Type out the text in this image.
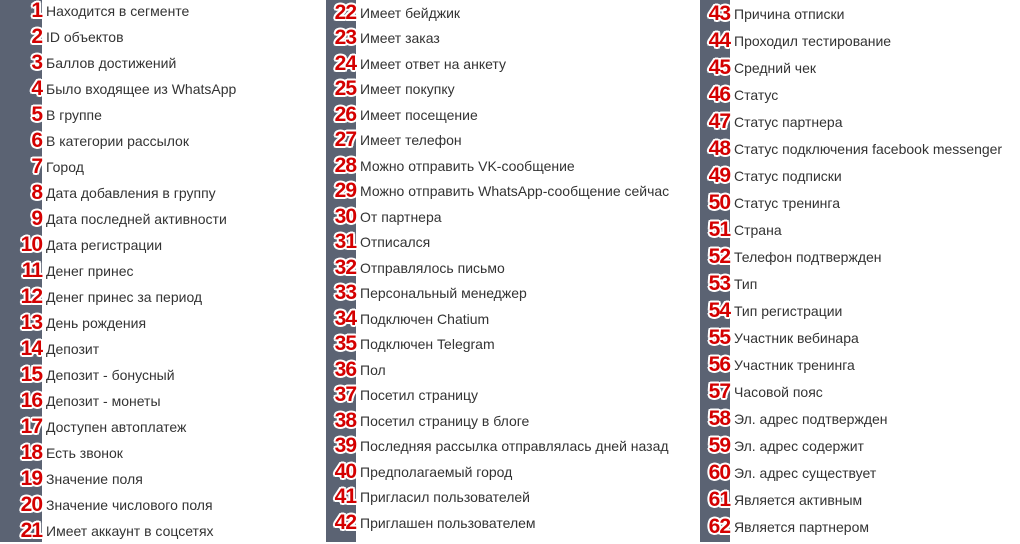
1 Находится в сегменте
2 ID объектов
3 Баллов достижений
4 Было входящее из WhatsApp
5 В группе
6 В категории рассылок
7 Город
8 Дата добавления в группу
9 Дата последней активности
10 Дата регистрации
11 Денег принес
12 Денег принес за период
13 День рождения
14 Депозит
15 Депозит - бонусный
16 Депозит - монеты
17 Доступен автоплатеж
18 Есть звонок
19 Значение поля
20 Значение числового поля
21 Имеет аккаунт в соцсетях
22 Имеет бейджик
23 Имеет заказ
24 Имеет ответ на анкету
25 Имеет покупку
26 Имеет посещение
27 Имеет телефон
28 Можно отправить VK-сообщение
29 Можно отправить WhatsApp-сообщение сейчас
30 От партнера
31 Отписался
32 Отправлялось письмо
33 Персональный менеджер
34 Подключен Chatium
35 Подключен Telegram
36 Пол
37 Посетил страницу
38 Посетил страницу в блоге
39 Последняя рассылка отправлялась дней назад
40 Предполагаемый город
41 Пригласил пользователей
42 Приглашен пользователем
43 Причина отписки
44 Проходил тестирование
45 Средний чек
46 Статус
47 Статус партнера
48 Статус подключения facebook messenger
49 Статус подписки
50 Статус тренинга
51 Страна
52 Телефон подтвержден
53 Тип
54 Тип регистрации
55 Участник вебинара
56 Участник тренинга
57 Часовой пояс
58 Эл. адрес подтвержден
59 Эл. адрес содержит
60 Эл. адрес существует
61 Является активным
62 Является партнером
